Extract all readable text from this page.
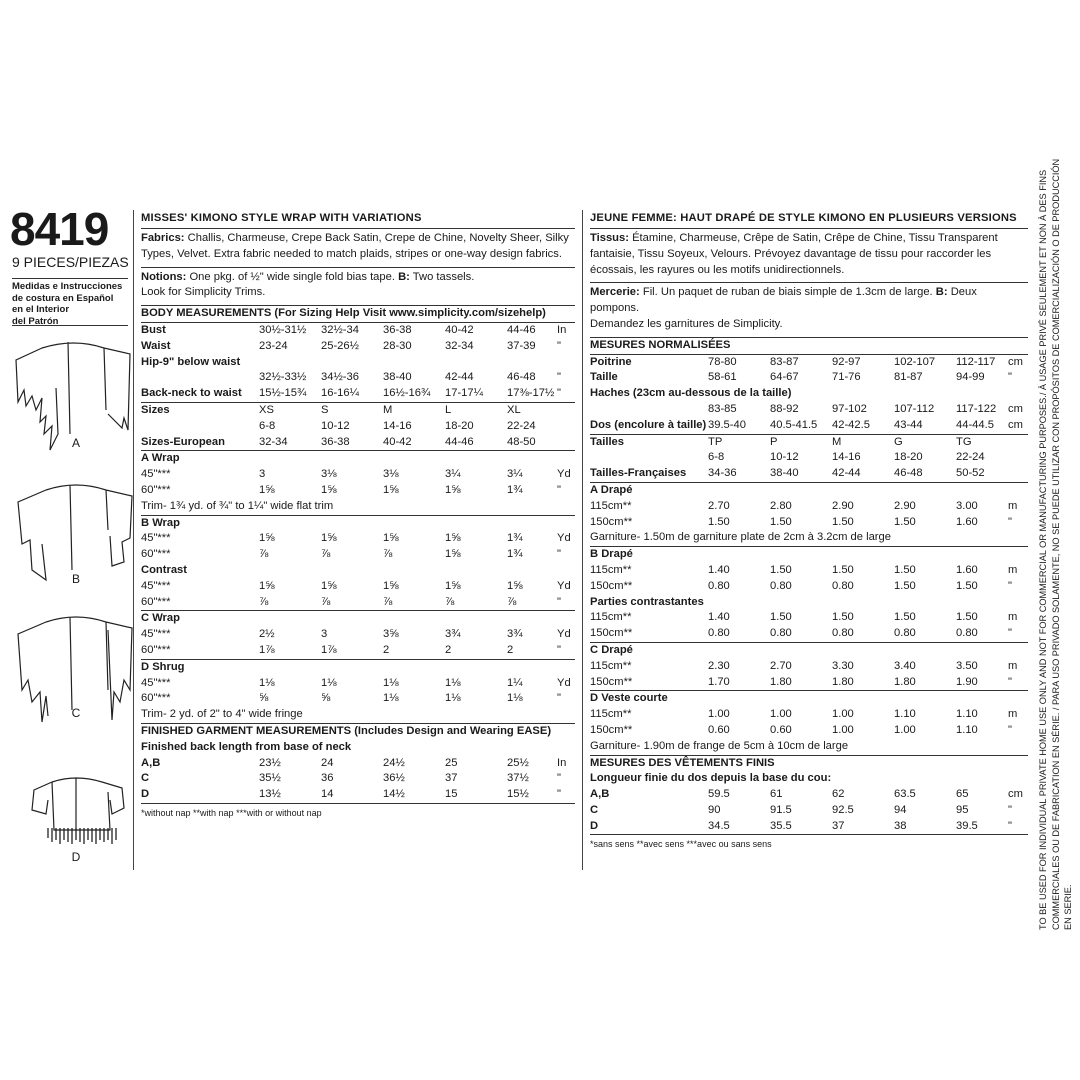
8419
9 PIECES/PIEZAS
Medidas e Instrucciones
de costura en Español
en el Interior
del Patrón
A
B
C
D
MISSES' KIMONO STYLE WRAP WITH VARIATIONS
Fabrics: Challis, Charmeuse, Crepe Back Satin, Crepe de Chine, Novelty Sheer, Silky Types, Velvet. Extra fabric needed to match plaids, stripes or one-way design fabrics.
Notions: One pkg. of ½" wide single fold bias tape. B: Two tassels.
Look for Simplicity Trims.
BODY MEASUREMENTS (For Sizing Help Visit www.simplicity.com/sizehelp)
Bust	30½-31½	32½-34	36-38	40-42	44-46	In
Waist	23-24	25-26½	28-30	32-34	37-39	"
Hip-9" below waist						
	32½-33½	34½-36	38-40	42-44	46-48	"
Back-neck to waist	15½-15¾	16-16¼	16½-16¾	17-17¼	17⅜-17½	"
Sizes	XS	S	M	L	XL	
	6-8	10-12	14-16	18-20	22-24	
Sizes-European	32-34	36-38	40-42	44-46	48-50	
A Wrap						
45"***	3	3⅛	3⅛	3¼	3¼	Yd
60"***	1⅝	1⅝	1⅝	1⅝	1¾	"
Trim- 1¾ yd. of ¾" to 1¼" wide flat trim						
B Wrap						
45"***	1⅝	1⅝	1⅝	1⅝	1¾	Yd
60"***	⅞	⅞	⅞	1⅝	1¾	"
Contrast						
45"***	1⅝	1⅝	1⅝	1⅝	1⅝	Yd
60"***	⅞	⅞	⅞	⅞	⅞	"
C Wrap						
45"***	2½	3	3⅝	3¾	3¾	Yd
60"***	1⅞	1⅞	2	2	2	"
D Shrug						
45"***	1⅛	1⅛	1⅛	1⅛	1¼	Yd
60"***	⅝	⅝	1⅛	1⅛	1⅛	"
Trim- 2 yd. of 2" to 4" wide fringe						
FINISHED GARMENT MEASUREMENTS (Includes Design and Wearing EASE)						
Finished back length from base of neck						
A,B	23½	24	24½	25	25½	In
C	35½	36	36½	37	37½	"
D	13½	14	14½	15	15½	"
*without nap **with nap ***with or without nap						
JEUNE FEMME: HAUT DRAPÉ DE STYLE KIMONO EN PLUSIEURS VERSIONS
Tissus: Étamine, Charmeuse, Crêpe de Satin, Crêpe de Chine, Tissu Transparent fantaisie, Tissu Soyeux, Velours. Prévoyez davantage de tissu pour raccorder les écossais, les rayures ou les motifs unidirectionnels.
Mercerie: Fil. Un paquet de ruban de biais simple de 1.3cm de large. B: Deux pompons.
Demandez les garnitures de Simplicity.
MESURES NORMALISÉES
Poitrine	78-80	83-87	92-97	102-107	112-117	cm
Taille	58-61	64-67	71-76	81-87	94-99	"
Haches (23cm au-dessous de la taille)						
	83-85	88-92	97-102	107-112	117-122	cm
Dos (encolure à taille)	39.5-40	40.5-41.5	42-42.5	43-44	44-44.5	cm
Tailles	TP	P	M	G	TG	
	6-8	10-12	14-16	18-20	22-24	
Tailles-Françaises	34-36	38-40	42-44	46-48	50-52	
A Drapé						
115cm**	2.70	2.80	2.90	2.90	3.00	m
150cm**	1.50	1.50	1.50	1.50	1.60	"
Garniture- 1.50m de garniture plate de 2cm à 3.2cm de large						
B Drapé						
115cm**	1.40	1.50	1.50	1.50	1.60	m
150cm**	0.80	0.80	0.80	1.50	1.50	"
Parties contrastantes						
115cm**	1.40	1.50	1.50	1.50	1.50	m
150cm**	0.80	0.80	0.80	0.80	0.80	"
C Drapé						
115cm**	2.30	2.70	3.30	3.40	3.50	m
150cm**	1.70	1.80	1.80	1.80	1.90	"
D Veste courte						
115cm**	1.00	1.00	1.00	1.10	1.10	m
150cm**	0.60	0.60	1.00	1.00	1.10	"
Garniture- 1.90m de frange de 5cm à 10cm de large						
MESURES DES VÊTEMENTS FINIS						
Longueur finie du dos depuis la base du cou:						
A,B	59.5	61	62	63.5	65	cm
C	90	91.5	92.5	94	95	"
D	34.5	35.5	37	38	39.5	"
*sans sens **avec sens ***avec ou sans sens							TO BE USED FOR INDIVIDUAL PRIVATE HOME USE ONLY AND NOT FOR COMMERCIAL OR MANUFACTURING PURPOSES./ À USAGE PRIVÉ SEULEMENT ET NON À DES FINS COMMERCIALES OU DE FABRICATION EN SÉRIE. / PARA USO PRIVADO SOLAMENTE, NO SE PUEDE UTILIZAR CON PROPÓSITOS DE COMERCIALIZACIÓN O DE PRODUCCIÓN EN SERIE.
